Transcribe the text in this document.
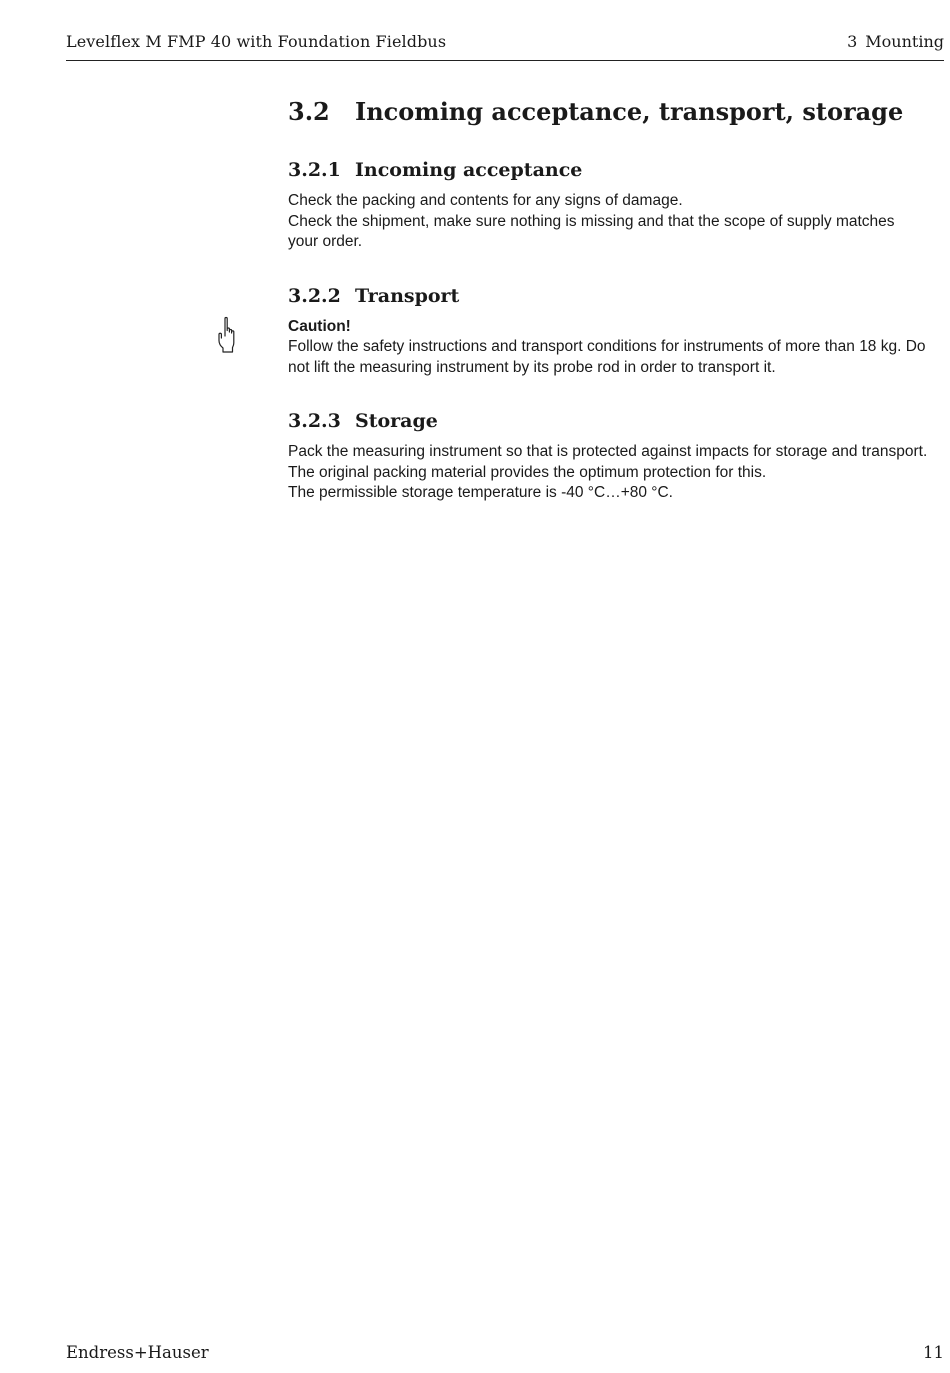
Levelflex M FMP 40 with Foundation Fieldbus	3 Mounting
3.2 Incoming acceptance, transport, storage
3.2.1 Incoming acceptance

Check the packing and contents for any signs of damage.

Check the shipment, make sure nothing is missing and that the scope of supply matches your order.

3.2.2 Transport

Caution!

Follow the safety instructions and transport conditions for instruments of more than 18 kg. Do not lift the measuring instrument by its probe rod in order to transport it.

3.2.3 Storage

Pack the measuring instrument so that is protected against impacts for storage and transport. The original packing material provides the optimum protection for this.

The permissible storage temperature is -40 °C…+80 °C.

Endress+Hauser	11
